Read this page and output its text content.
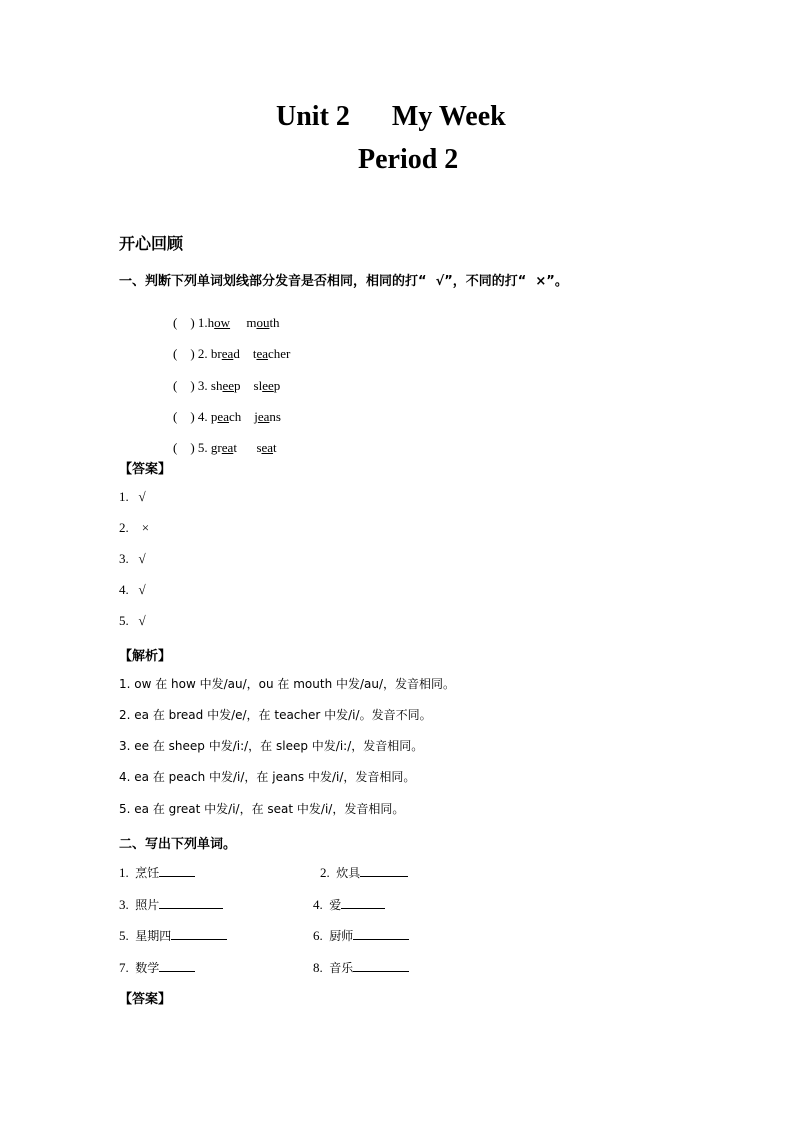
Unit 2      My Week
Period 2
开心回顾
一、判断下列单词划线部分发音是否相同，相同的打“  √”，不同的打“  ×”。

(    ) 1.how mouth

(    ) 2. bread teacher

(    ) 3. sheep sleep

(    ) 4. peach jeans

(    ) 5. great seat

【答案】
1. √
2. ×
3. √
4. √
5. √
【解析】
1. ow 在 how 中发/au/，ou 在 mouth 中发/au/，发音相同。
2. ea 在 bread 中发/e/，在 teacher 中发/i/。发音不同。
3. ee 在 sheep 中发/i:/，在 sleep 中发/i:/，发音相同。
4. ea 在 peach 中发/i/，在 jeans 中发/i/，发音相同。
5. ea 在 great 中发/i/，在 seat 中发/i/，发音相同。
二、写出下列单词。
1. 烹饪	2. 炊具
3. 照片	4. 爱
5. 星期四	6. 厨师
7. 数学	8. 音乐
【答案】
